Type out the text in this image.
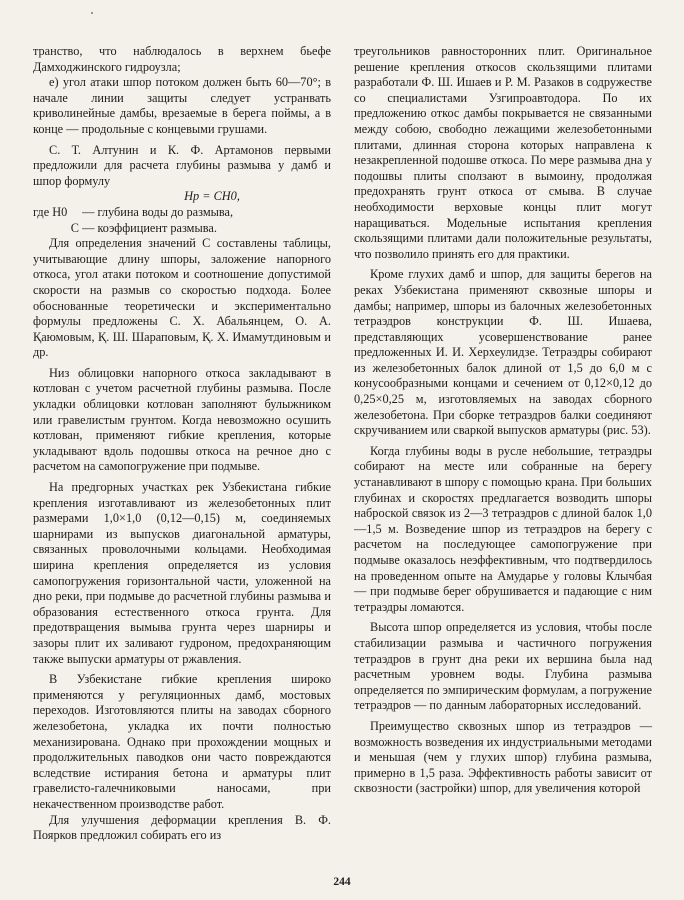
транство, что наблюдалось в верхнем бьефе Дамходжинского гидроузла;

е) угол атаки шпор потоком должен быть 60—70°; в начале линии защиты следует устранвать криволинейные дамбы, врезаемые в берега поймы, а в конце — продольные с концевыми грушами.

С. Т. Алтунин и К. Ф. Артамонов первыми предложили для расчета глубины размыва у дамб и шпор формулу

Hp = CH0,

где H0 — глубина воды до размыва,

C — коэффициент размыва.

Для определения значений C составлены таблицы, учитывающие длину шпоры, заложение напорного откоса, угол атаки потоком и соотношение допустимой скорости на размыв со скоростью подхода. Более обоснованные теоретически и экспериментально формулы предложены С. Х. Абальянцем, О. А. Қаюмовым, Қ. Ш. Шараповым, Қ. Х. Имамутдиновым и др.

Низ облицовки напорного откоса закладывают в котлован с учетом расчетной глубины размыва. После укладки облицовки котлован заполняют булыжником или гравелистым грунтом. Когда невозможно осушить котлован, применяют гибкие крепления, которые укладывают вдоль подошвы откоса на речное дно с расчетом на самопогружение при подмыве.

На предгорных участках рек Узбекистана гибкие крепления изготавливают из железобетонных плит размерами 1,0×1,0 (0,12—0,15) м, соединяемых шарнирами из выпусков диагональной арматуры, связанных проволочными кольцами. Необходимая ширина крепления определяется из условия самопогружения горизонтальной части, уложенной на дно реки, при подмыве до расчетной глубины размыва и образования естественного откоса грунта. Для предотвращения вымыва грунта через шарниры и зазоры плит их заливают гудроном, предохраняющим также выпуски арматуры от ржавления.

В Узбекистане гибкие крепления широко применяются у регуляционных дамб, мостовых переходов. Изготовляются плиты на заводах сборного железобетона, укладка их почти полностью механизирована. Однако при прохождении мощных и продолжительных паводков они часто повреждаются вследствие истирания бетона и арматуры плит гравелисто-галечниковыми наносами, при некачественном производстве работ.

Для улучшения деформации крепления В. Ф. Поярков предложил собирать его из

треугольников равносторонних плит. Оригинальное решение крепления откосов скользящими плитами разработали Ф. Ш. Ишаев и Р. М. Разаков в содружестве со специалистами Узгипроавтодора. По их предложению откос дамбы покрывается не связанными между собою, свободно лежащими железобетонными плитами, длинная сторона которых направлена к незакрепленной подошве откоса. По мере размыва дна у подошвы плиты сползают в вымоину, продолжая предохранять грунт откоса от смыва. В случае необходимости верховые концы плит могут наращиваться. Модельные испытания крепления скользящими плитами дали положительные результаты, что позволило принять его для практики.

Кроме глухих дамб и шпор, для защиты берегов на реках Узбекистана применяют сквозные шпоры и дамбы; например, шпоры из балочных железобетонных тетраэдров конструкции Ф. Ш. Ишаева, представляющих усовершенствование ранее предложенных И. И. Херхеулидзе. Тетраэдры собирают из железобетонных балок длиной от 1,5 до 6,0 м с конусообразными концами и сечением от 0,12×0,12 до 0,25×0,25 м, изготовляемых на заводах сборного железобетона. При сборке тетраэдров балки соединяют скручиванием или сваркой выпусков арматуры (рис. 53).

Когда глубины воды в русле небольшие, тетраэдры собирают на месте или собранные на берегу устанавливают в шпору с помощью крана. При больших глубинах и скоростях предлагается возводить шпоры наброской связок из 2—3 тетраэдров с длиной балок 1,0—1,5 м. Возведение шпор из тетраэдров на берегу с расчетом на последующее самопогружение при подмыве оказалось неэффективным, что подтвердилось на проведенном опыте на Амударье у головы Клычбая — при подмыве берег обрушивается и падающие с ним тетраэдры ломаются.

Высота шпор определяется из условия, чтобы после стабилизации размыва и частичного погружения тетраэдров в грунт дна реки их вершина была над расчетным уровнем воды. Глубина размыва определяется по эмпирическим формулам, а погружение тетраэдров — по данным лабораторных исследований.

Преимущество сквозных шпор из тетраэдров — возможность возведения их индустриальными методами и меньшая (чем у глухих шпор) глубина размыва, примерно в 1,5 раза. Эффективность работы зависит от сквозности (застройки) шпор, для увеличения которой

244
